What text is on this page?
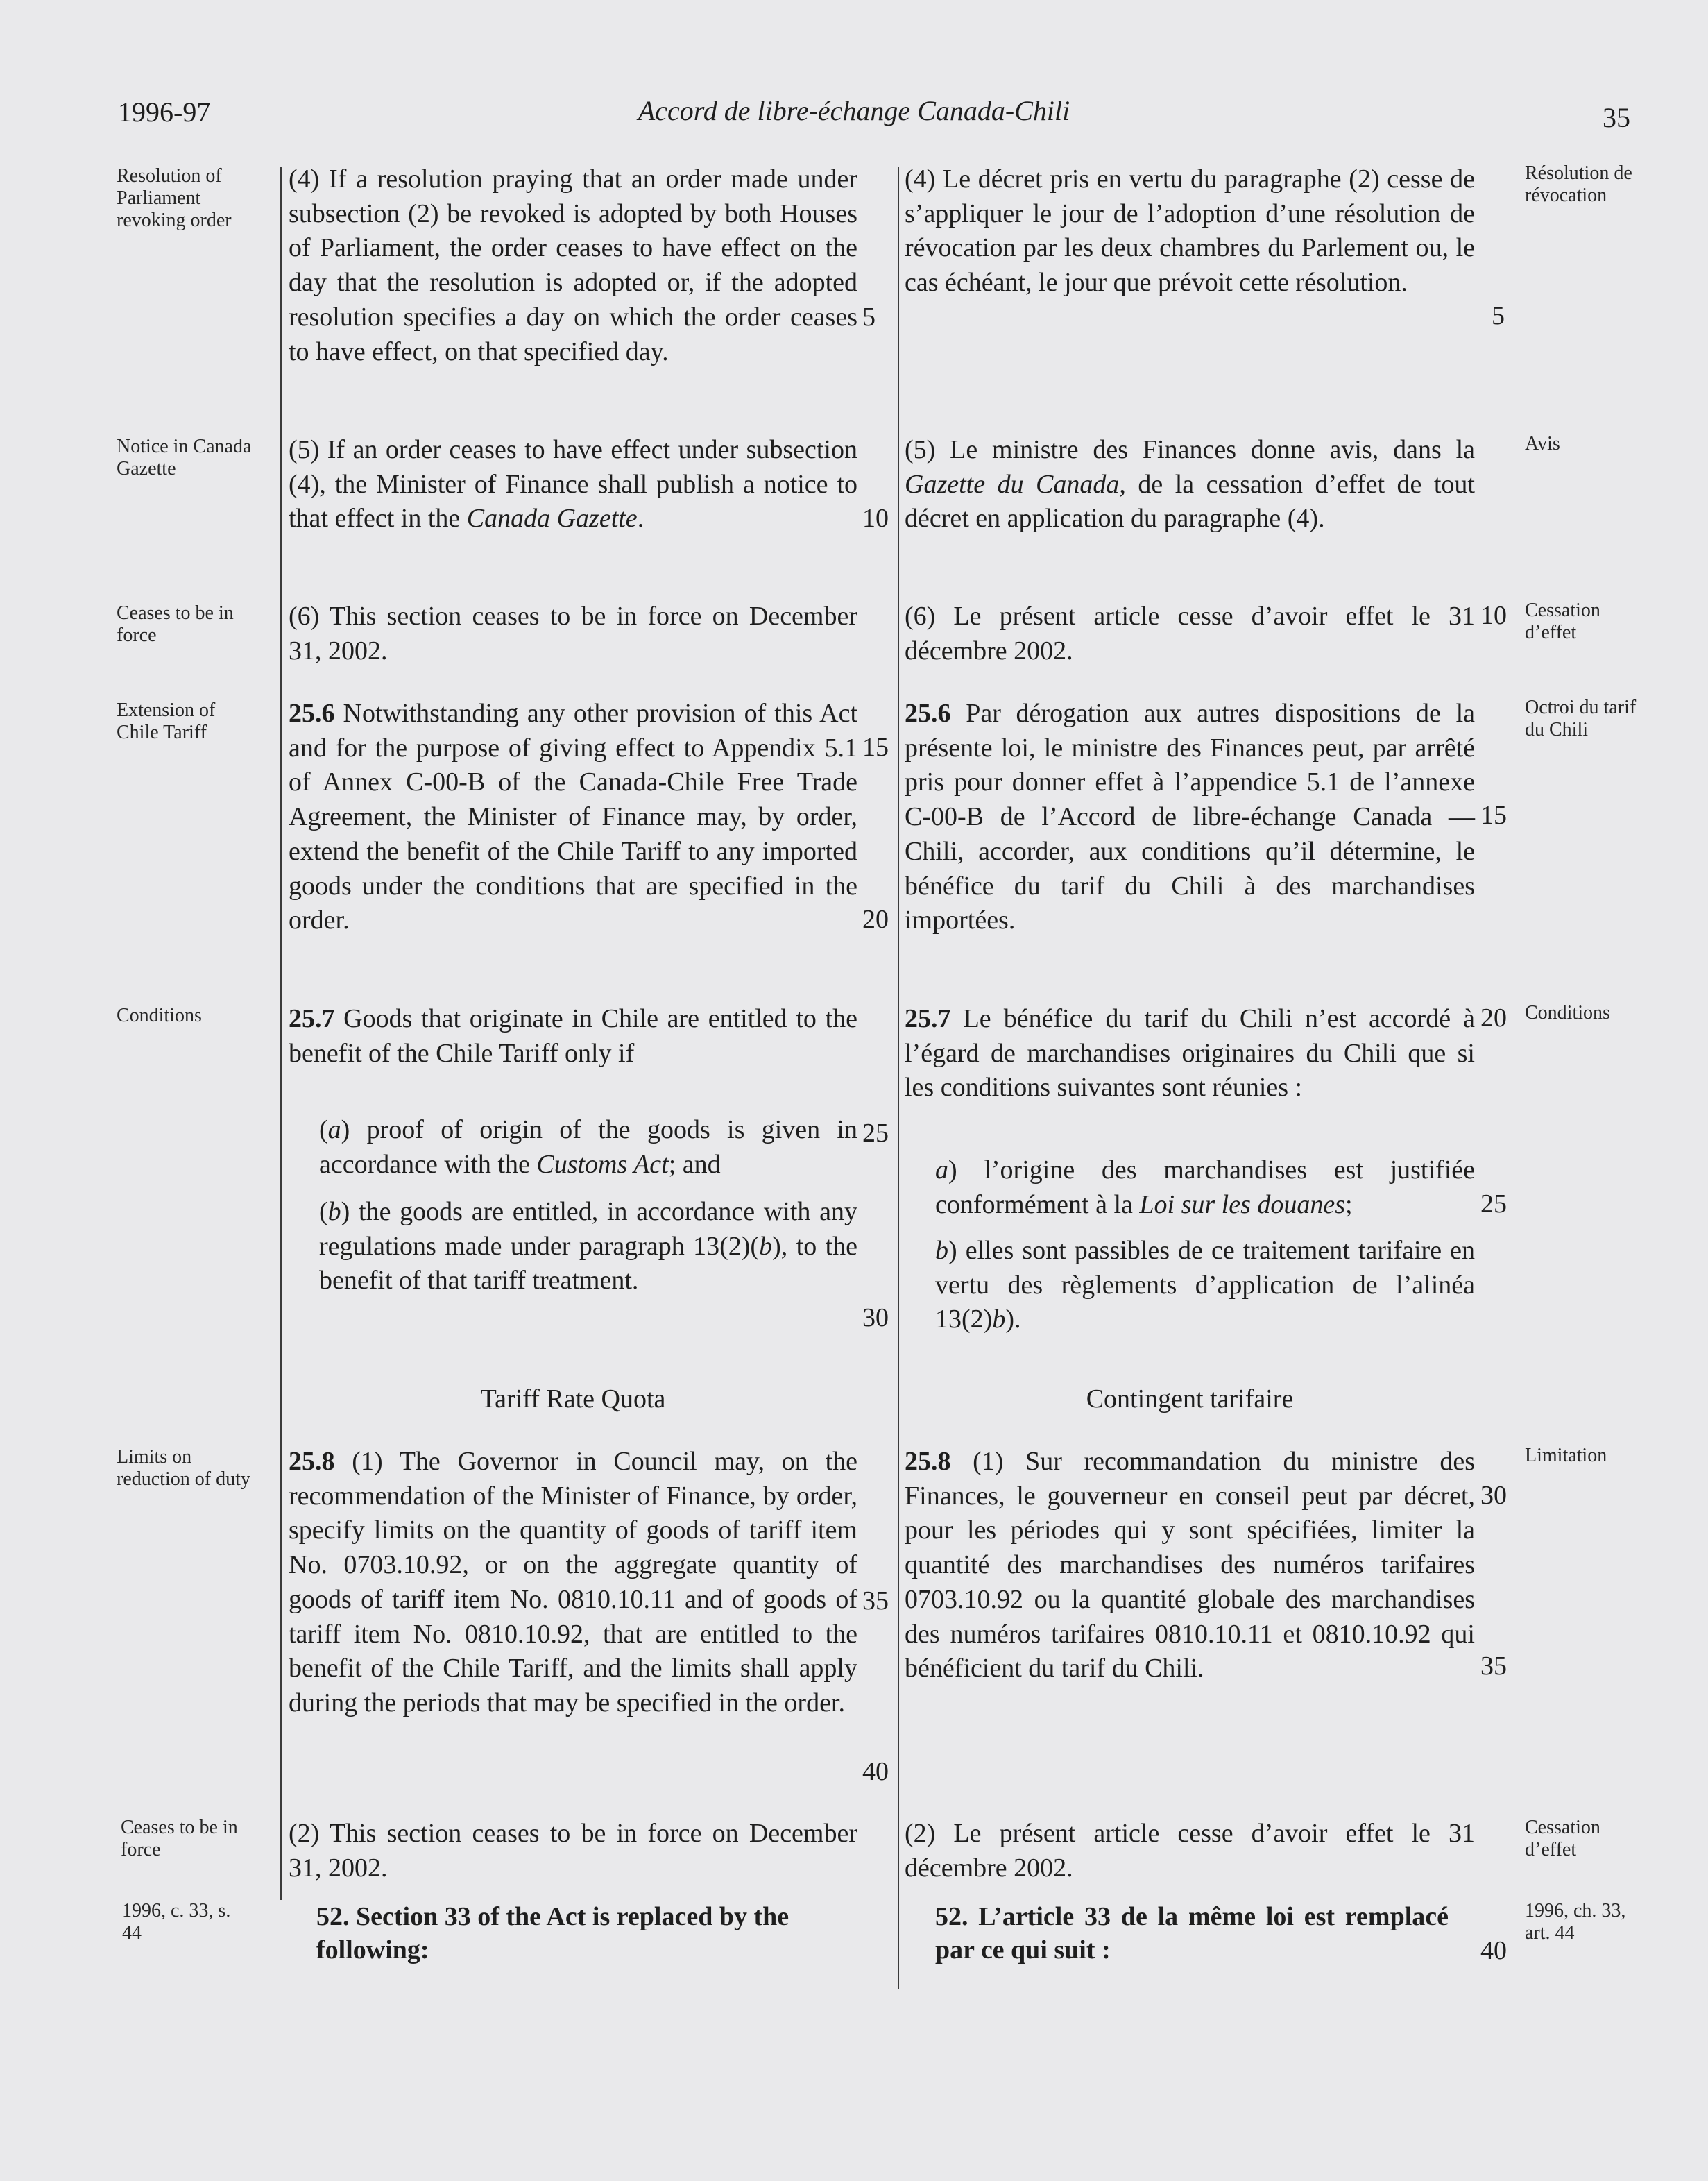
1996-97	Accord de libre-échange Canada-Chili	35
Resolution of Parliament revoking order
Notice in Canada Gazette
Ceases to be in force
Extension of Chile Tariff
Conditions
Limits on reduction of duty
Ceases to be in force
1996, c. 33, s. 44
Résolution de révocation
Avis
Cessation d’effet
Octroi du tarif du Chili
Conditions
Limitation
Cessation d’effet
1996, ch. 33, art. 44
(4) If a resolution praying that an order made under subsection (2) be revoked is adopted by both Houses of Parliament, the order ceases to have effect on the day that the resolution is adopted or, if the adopted resolution specifies a day on which the order ceases to have effect, on that specified day.
(5) If an order ceases to have effect under subsection (4), the Minister of Finance shall publish a notice to that effect in the Canada Gazette.
(6) This section ceases to be in force on December 31, 2002.
25.6 Notwithstanding any other provision of this Act and for the purpose of giving effect to Appendix 5.1 of Annex C-00-B of the Canada-Chile Free Trade Agreement, the Minister of Finance may, by order, extend the benefit of the Chile Tariff to any imported goods under the conditions that are specified in the order.
25.7 Goods that originate in Chile are entitled to the benefit of the Chile Tariff only if
(a) proof of origin of the goods is given in accordance with the Customs Act; and
(b) the goods are entitled, in accordance with any regulations made under paragraph 13(2)(b), to the benefit of that tariff treatment.
Tariff Rate Quota
25.8 (1) The Governor in Council may, on the recommendation of the Minister of Finance, by order, specify limits on the quantity of goods of tariff item No. 0703.10.92, or on the aggregate quantity of goods of tariff item No. 0810.10.11 and of goods of tariff item No. 0810.10.92, that are entitled to the benefit of the Chile Tariff, and the limits shall apply during the periods that may be specified in the order.
(2) This section ceases to be in force on December 31, 2002.
52. Section 33 of the Act is replaced by the following:
(4) Le décret pris en vertu du paragraphe (2) cesse de s’appliquer le jour de l’adoption d’une résolution de révocation par les deux chambres du Parlement ou, le cas échéant, le jour que prévoit cette résolution.
(5) Le ministre des Finances donne avis, dans la Gazette du Canada, de la cessation d’effet de tout décret en application du paragraphe (4).
(6) Le présent article cesse d’avoir effet le 31 décembre 2002.
25.6 Par dérogation aux autres dispositions de la présente loi, le ministre des Finances peut, par arrêté pris pour donner effet à l’appendice 5.1 de l’annexe C-00-B de l’Accord de libre-échange Canada — Chili, accorder, aux conditions qu’il détermine, le bénéfice du tarif du Chili à des marchandises importées.
25.7 Le bénéfice du tarif du Chili n’est accordé à l’égard de marchandises originaires du Chili que si les conditions suivantes sont réunies :
a) l’origine des marchandises est justifiée conformément à la Loi sur les douanes;
b) elles sont passibles de ce traitement tarifaire en vertu des règlements d’application de l’alinéa 13(2)b).
Contingent tarifaire
25.8 (1) Sur recommandation du ministre des Finances, le gouverneur en conseil peut par décret, pour les périodes qui y sont spécifiées, limiter la quantité des marchandises des numéros tarifaires 0703.10.92 ou la quantité globale des marchandises des numéros tarifaires 0810.10.11 et 0810.10.92 qui bénéficient du tarif du Chili.
(2) Le présent article cesse d’avoir effet le 31 décembre 2002.
52. L’article 33 de la même loi est remplacé par ce qui suit :
5
10
15
20
25
30
35
40
5
10
15
20
25
30
35
40
